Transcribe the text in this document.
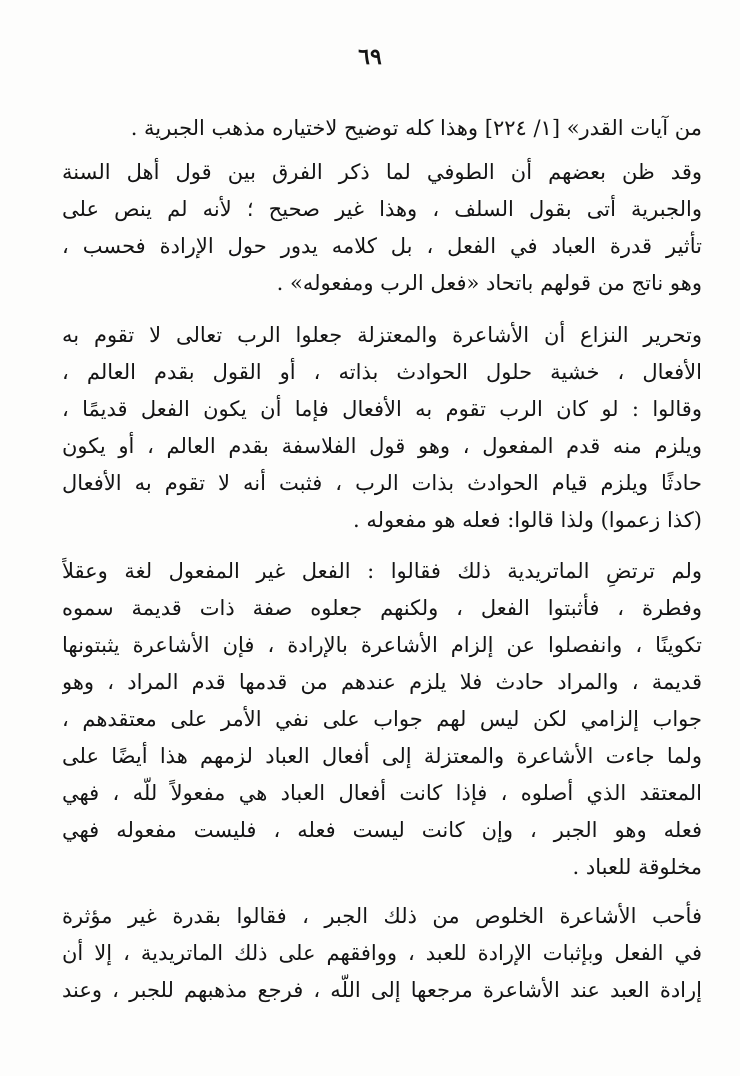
٦٩
من آيات القدر» [١/ ٢٢٤] وهذا كله توضيح لاختياره مذهب الجبرية .
وقد ظن بعضهم أن الطوفي لما ذكر الفرق بين قول أهل السنة
والجبرية أتى بقول السلف ، وهذا غير صحيح ؛ لأنه لم ينص على
تأثير قدرة العباد في الفعل ، بل كلامه يدور حول الإرادة فحسب ،
وهو ناتج من قولهم باتحاد «فعل الرب ومفعوله» .
وتحرير النزاع أن الأشاعرة والمعتزلة جعلوا الرب تعالى لا تقوم به
الأفعال ، خشية حلول الحوادث بذاته ، أو القول بقدم العالم ،
وقالوا : لو كان الرب تقوم به الأفعال فإما أن يكون الفعل قديمًا ،
ويلزم منه قدم المفعول ، وهو قول الفلاسفة بقدم العالم ، أو يكون
حادثًا ويلزم قيام الحوادث بذات الرب ، فثبت أنه لا تقوم به الأفعال
(كذا زعموا) ولذا قالوا: فعله هو مفعوله .
ولم ترتضِ الماتريدية ذلك فقالوا : الفعل غير المفعول لغة وعقلاً
وفطرة ، فأثبتوا الفعل ، ولكنهم جعلوه صفة ذات قديمة سموه
تكوينًا ، وانفصلوا عن إلزام الأشاعرة بالإرادة ، فإن الأشاعرة يثبتونها
قديمة ، والمراد حادث فلا يلزم عندهم من قدمها قدم المراد ، وهو
جواب إلزامي لكن ليس لهم جواب على نفي الأمر على معتقدهم ،
ولما جاءت الأشاعرة والمعتزلة إلى أفعال العباد لزمهم هذا أيضًا على
المعتقد الذي أصلوه ، فإذا كانت أفعال العباد هي مفعولاً للّه ، فهي
فعله وهو الجبر ، وإن كانت ليست فعله ، فليست مفعوله فهي
مخلوقة للعباد .
فأحب الأشاعرة الخلوص من ذلك الجبر ، فقالوا بقدرة غير مؤثرة
في الفعل وبإثبات الإرادة للعبد ، ووافقهم على ذلك الماتريدية ، إلا أن
إرادة العبد عند الأشاعرة مرجعها إلى اللّه ، فرجع مذهبهم للجبر ، وعند
